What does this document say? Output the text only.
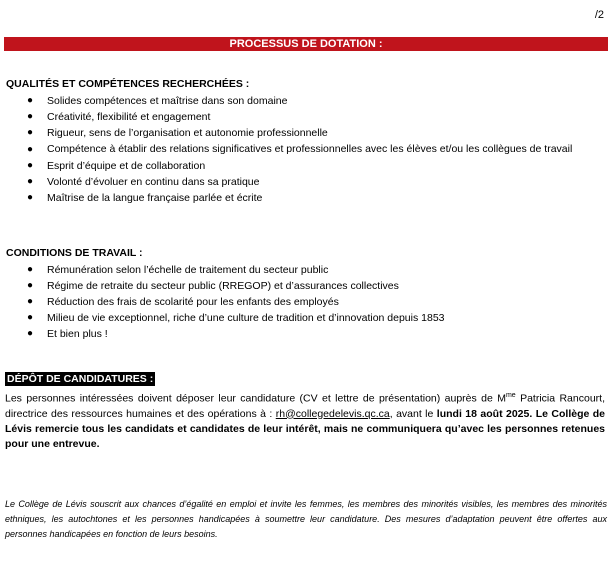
/2
PROCESSUS DE DOTATION :
QUALITÉS ET COMPÉTENCES RECHERCHÉES :
● Solides compétences et maîtrise dans son domaine
● Créativité, flexibilité et engagement
● Rigueur, sens de l’organisation et autonomie professionnelle
● Compétence à établir des relations significatives et professionnelles avec les élèves et/ou les collègues de travail
● Esprit d’équipe et de collaboration
● Volonté d’évoluer en continu dans sa pratique
● Maîtrise de la langue française parlée et écrite
CONDITIONS DE TRAVAIL :
● Rémunération selon l’échelle de traitement du secteur public
● Régime de retraite du secteur public (RREGOP) et d’assurances collectives
● Réduction des frais de scolarité pour les enfants des employés
● Milieu de vie exceptionnel, riche d’une culture de tradition et d’innovation depuis 1853
● Et bien plus !
DÉPÔT DE CANDIDATURES :
Les personnes intéressées doivent déposer leur candidature (CV et lettre de présentation) auprès de $M^{me}$ Patricia Rancourt, directrice des ressources humaines et des opérations à : rh@collegedelevis.qc.ca, avant le lundi 18 août 2025. Le Collège de Lévis remercie tous les candidats et candidates de leur intérêt, mais ne communiquera qu’avec les personnes retenues pour une entrevue.
Le Collège de Lévis souscrit aux chances d’égalité en emploi et invite les femmes, les membres des minorités visibles, les membres des minorités ethniques, les autochtones et les personnes handicapées à soumettre leur candidature. Des mesures d’adaptation peuvent être offertes aux personnes handicapées en fonction de leurs besoins.
